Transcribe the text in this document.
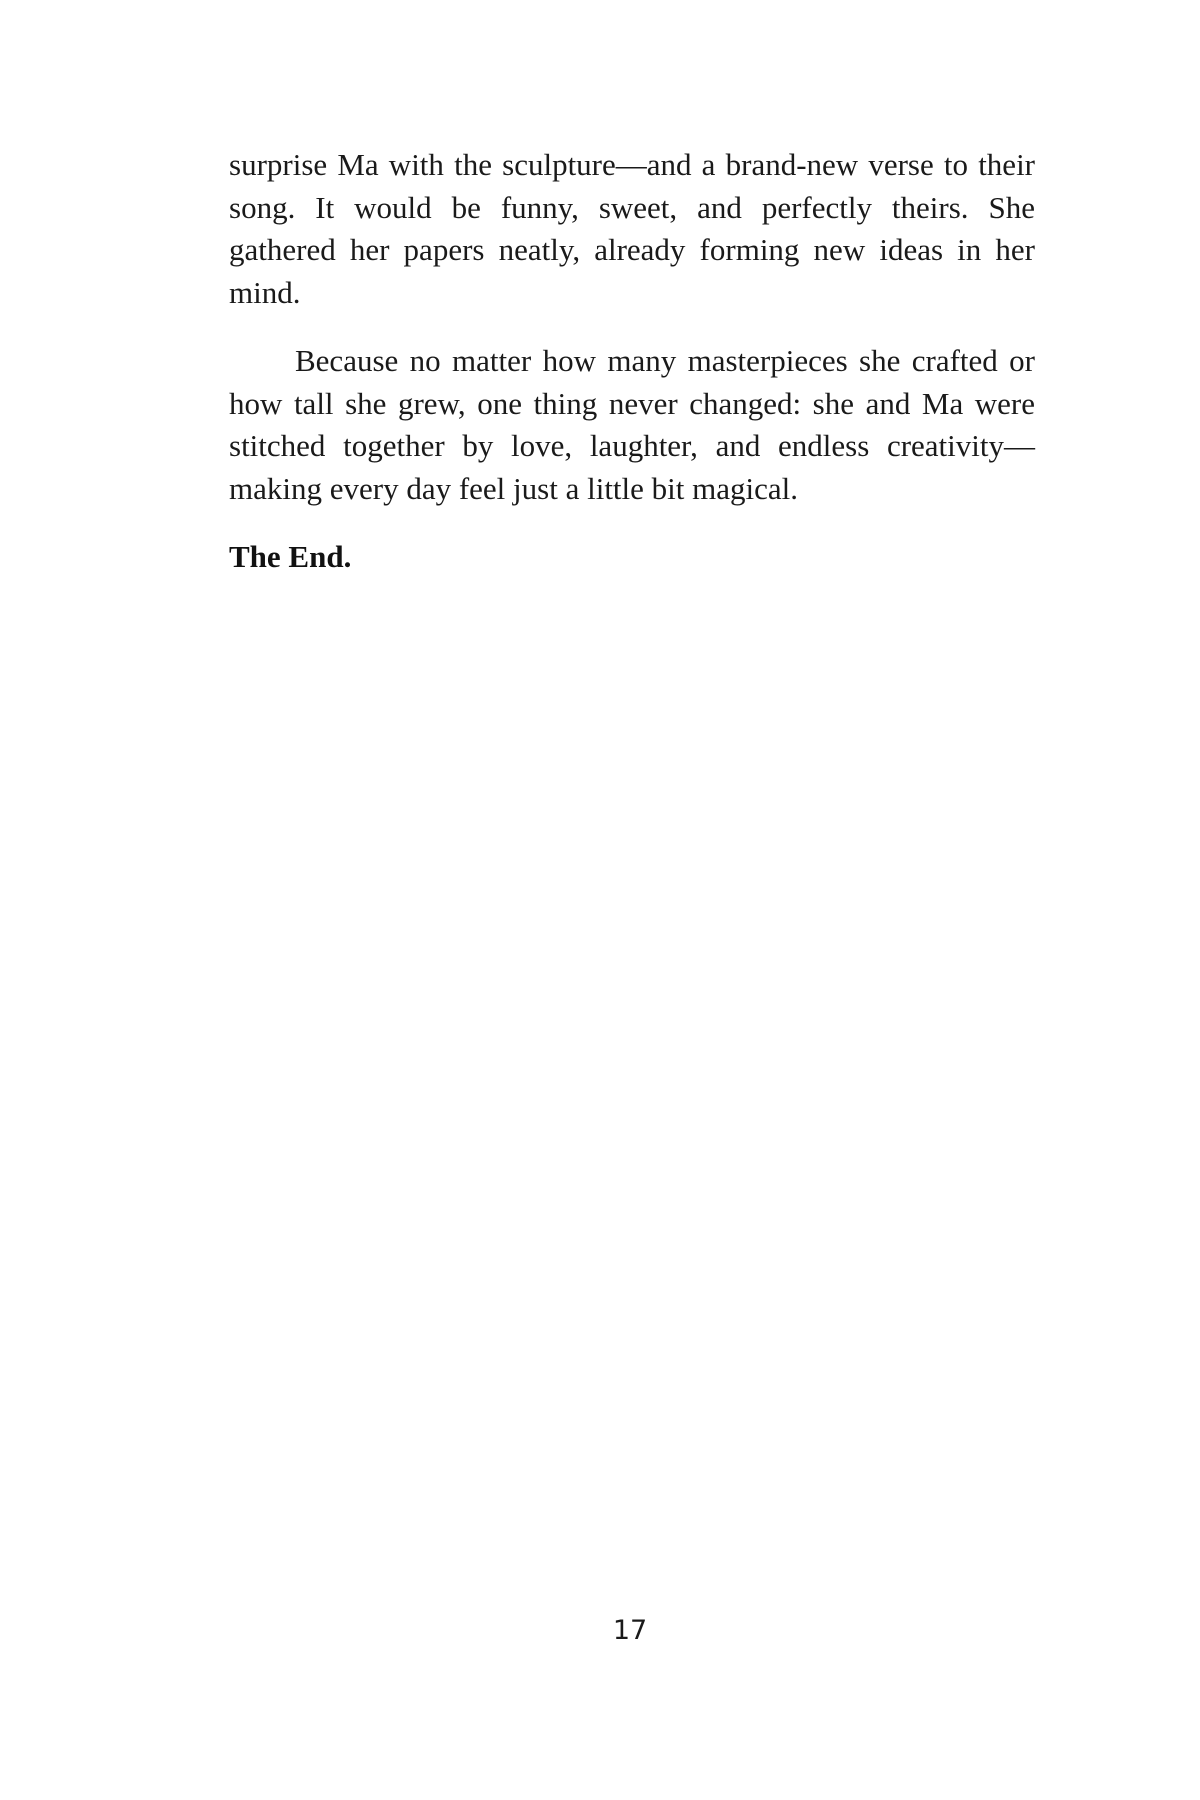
surprise Ma with the sculpture—and a brand-new verse to their song. It would be funny, sweet, and perfectly theirs. She gathered her papers neatly, already forming new ideas in her mind.

Because no matter how many masterpieces she crafted or how tall she grew, one thing never changed: she and Ma were stitched together by love, laughter, and endless creativity—making every day feel just a little bit magical.

The End.

17
